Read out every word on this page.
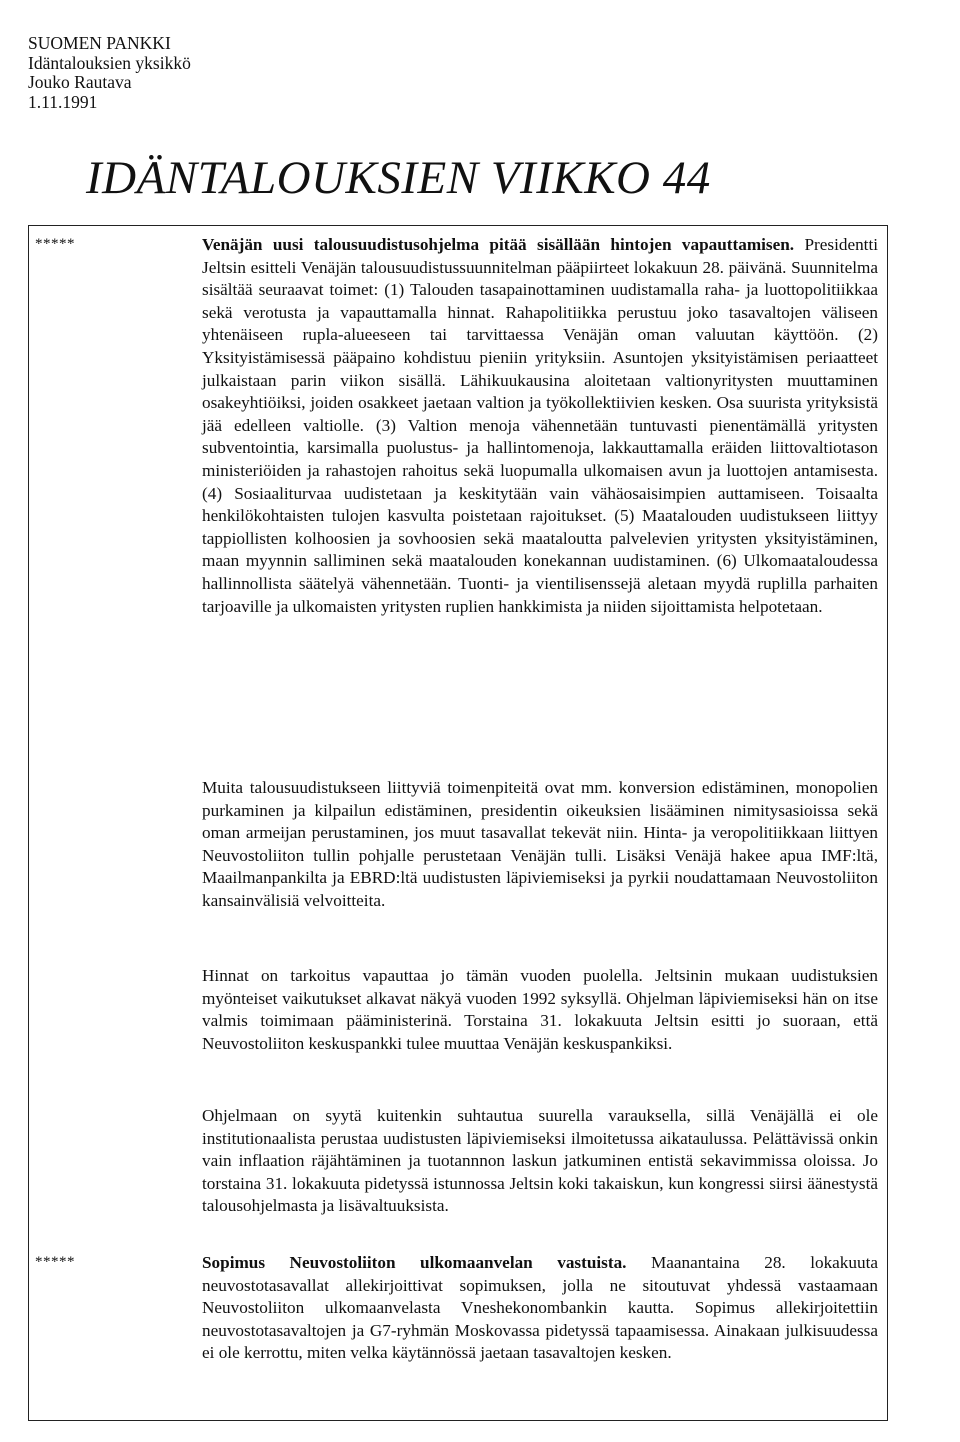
SUOMEN PANKKI
Idäntalouksien yksikkö
Jouko Rautava
1.11.1991
IDÄNTALOUKSIEN VIIKKO 44
*****	Venäjän uusi talousuudistusohjelma pitää sisällään hintojen vapauttamisen. Presidentti Jeltsin esitteli Venäjän talousuudistussuunnitelman pääpiirteet lokakuun 28. päivänä. Suunnitelma sisältää seuraavat toimet: (1) Talouden tasapainottaminen uudistamalla raha- ja luottopolitiikkaa sekä verotusta ja vapauttamalla hinnat. Rahapolitiikka perustuu joko tasavaltojen väliseen yhtenäiseen rupla-alueeseen tai tarvittaessa Venäjän oman valuutan käyttöön. (2) Yksityistämisessä pääpaino kohdistuu pieniin yrityksiin. Asuntojen yksityistämisen periaatteet julkaistaan parin viikon sisällä. Lähikuukausina aloitetaan valtionyritysten muuttaminen osakeyhtiöiksi, joiden osakkeet jaetaan valtion ja työkollektiivien kesken. Osa suurista yrityksistä jää edelleen valtiolle. (3) Valtion menoja vähennetään tuntuvasti pienentämällä yritysten subventointia, karsimalla puolustus- ja hallintomenoja, lakkauttamalla eräiden liittovaltiotason ministeriöiden ja rahastojen rahoitus sekä luopumalla ulkomaisen avun ja luottojen antamisesta. (4) Sosiaaliturvaa uudistetaan ja keskitytään vain vähäosaisimpien auttamiseen. Toisaalta henkilökohtaisten tulojen kasvulta poistetaan rajoitukset. (5) Maatalouden uudistukseen liittyy tappiollisten kolhoosien ja sovhoosien sekä maataloutta palvelevien yritysten yksityistäminen, maan myynnin salliminen sekä maatalouden konekannan uudistaminen. (6) Ulkomaataloudessa hallinnollista säätelyä vähennetään. Tuonti- ja vientilisenssejä aletaan myydä ruplilla parhaiten tarjoaville ja ulkomaisten yritysten ruplien hankkimista ja niiden sijoittamista helpotetaan.

Muita talousuudistukseen liittyviä toimenpiteitä ovat mm. konversion edistäminen, monopolien purkaminen ja kilpailun edistäminen, presidentin oikeuksien lisääminen nimitysasioissa sekä oman armeijan perustaminen, jos muut tasavallat tekevät niin. Hinta- ja veropolitiikkaan liittyen Neuvostoliiton tullin pohjalle perustetaan Venäjän tulli. Lisäksi Venäjä hakee apua IMF:ltä, Maailmanpankilta ja EBRD:ltä uudistusten läpiviemiseksi ja pyrkii noudattamaan Neuvostoliiton kansainvälisiä velvoitteita.

Hinnat on tarkoitus vapauttaa jo tämän vuoden puolella. Jeltsinin mukaan uudistuksien myönteiset vaikutukset alkavat näkyä vuoden 1992 syksyllä. Ohjelman läpiviemiseksi hän on itse valmis toimimaan pääministerinä. Torstaina 31. lokakuuta Jeltsin esitti jo suoraan, että Neuvostoliiton keskuspankki tulee muuttaa Venäjän keskuspankiksi.

Ohjelmaan on syytä kuitenkin suhtautua suurella varauksella, sillä Venäjällä ei ole institutionaalista perustaa uudistusten läpiviemiseksi ilmoitetussa aikataulussa. Pelättävissä onkin vain inflaation räjähtäminen ja tuotannnon laskun jatkuminen entistä sekavimmissa oloissa. Jo torstaina 31. lokakuuta pidetyssä istunnossa Jeltsin koki takaiskun, kun kongressi siirsi äänestystä talousohjelmasta ja lisävaltuuksista.

*****	Sopimus Neuvostoliiton ulkomaanvelan vastuista. Maanantaina 28. lokakuuta neuvostotasavallat allekirjoittivat sopimuksen, jolla ne sitoutuvat yhdessä vastaamaan Neuvostoliiton ulkomaanvelasta Vneshekonombankin kautta. Sopimus allekirjoitettiin neuvostotasavaltojen ja G7-ryhmän Moskovassa pidetyssä tapaamisessa. Ainakaan julkisuudessa ei ole kerrottu, miten velka käytännössä jaetaan tasavaltojen kesken.
